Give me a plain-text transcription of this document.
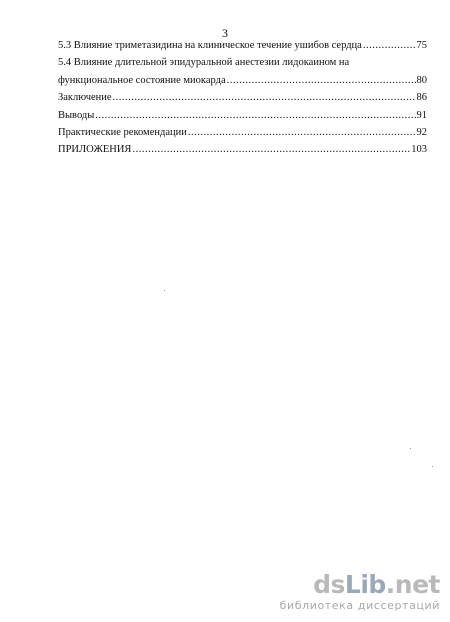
3
5.3 Влияние триметазидина на клиническое течение ушибов сердца .....	75
5.4 Влияние длительной эпидуральной анестезии лидокаином на
функциональное состояние миокарда .....	80
Заключение .....	86
Выводы .....	91
Практические рекомендации .....	92
ПРИЛОЖЕНИЯ .....	103
dsLib.net
библиотека диссертаций
